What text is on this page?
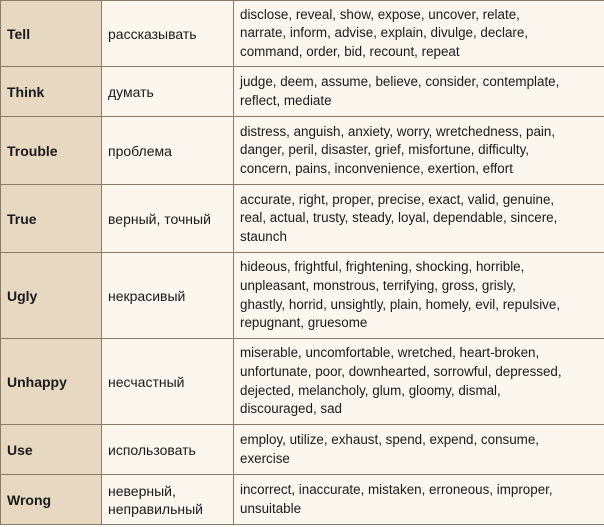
Tell	рассказывать	disclose, reveal, show, expose, uncover, relate,
narrate, inform, advise, explain, divulge, declare,
command, order, bid, recount, repeat

Think	думать	judge, deem, assume, believe, consider, contemplate,
reflect, mediate

Trouble	проблема	distress, anguish, anxiety, worry, wretchedness, pain,
danger, peril, disaster, grief, misfortune, difficulty,
concern, pains, inconvenience, exertion, effort

True	верный, точный	accurate, right, proper, precise, exact, valid, genuine,
real, actual, trusty, steady, loyal, dependable, sincere,
staunch

Ugly	некрасивый	hideous, frightful, frightening, shocking, horrible,
unpleasant, monstrous, terrifying, gross, grisly,
ghastly, horrid, unsightly, plain, homely, evil, repulsive,
repugnant, gruesome

Unhappy	несчастный	miserable, uncomfortable, wretched, heart-broken,
unfortunate, poor, downhearted, sorrowful, depressed,
dejected, melancholy, glum, gloomy, dismal,
discouraged, sad

Use	использовать	employ, utilize, exhaust, spend, expend, consume,
exercise

Wrong	неверный,
неправильный	incorrect, inaccurate, mistaken, erroneous, improper,
unsuitable
